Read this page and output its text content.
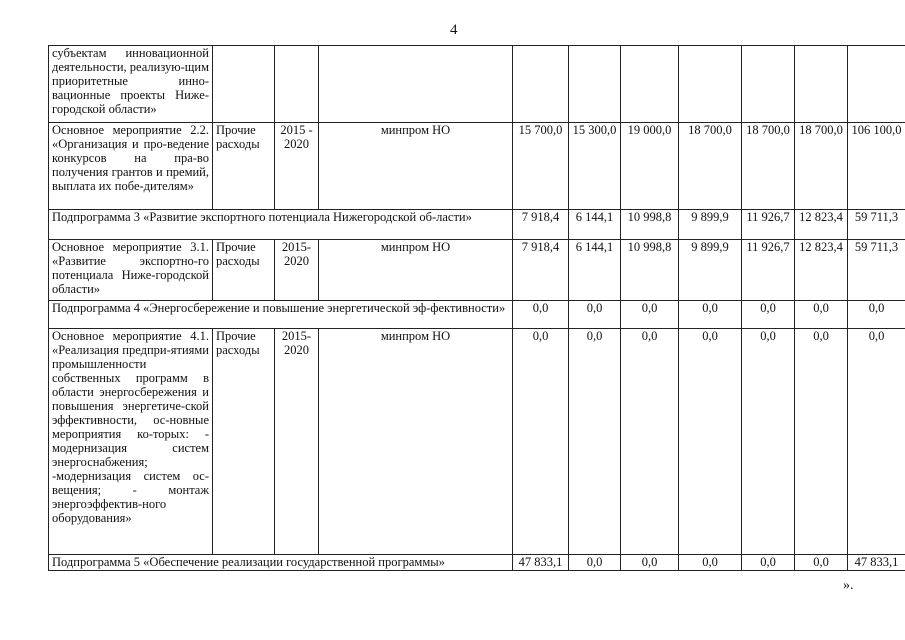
4
субъектам инновационной деятельности, реализую-щим приоритетные инно-вационные проекты Ниже-городской области»										
Основное мероприятие 2.2. «Организация и про-ведение конкурсов на пра-во получения грантов и премий, выплата их побе-дителям»	Прочие расходы	2015 - 2020	минпром НО	15 700,0	15 300,0	19 000,0	18 700,0	18 700,0	18 700,0	106 100,0
Подпрограмма 3 «Развитие экспортного потенциала Нижегородской об-ласти»				7 918,4	6 144,1	10 998,8	9 899,9	11 926,7	12 823,4	59 711,3
Основное мероприятие 3.1. «Развитие экспортно-го потенциала Ниже-городской области»	Прочие расходы	2015- 2020	минпром НО	7 918,4	6 144,1	10 998,8	9 899,9	11 926,7	12 823,4	59 711,3
Подпрограмма 4 «Энергосбережение и повышение энергетической эф-фективности»				0,0	0,0	0,0	0,0	0,0	0,0	0,0
Основное мероприятие 4.1. «Реализация предпри-ятиями промышленности собственных программ в области энергосбережения и повышения энергетиче-ской эффективности, ос-новные мероприятия ко-торых: - модернизация систем энергоснабжения; -модернизация систем ос-вещения; - монтаж энергоэффектив-ного оборудования»	Прочие расходы	2015- 2020	минпром НО	0,0	0,0	0,0	0,0	0,0	0,0	0,0
Подпрограмма 5 «Обеспечение реализации государственной программы»				47 833,1	0,0	0,0	0,0	0,0	0,0	47 833,1
».
